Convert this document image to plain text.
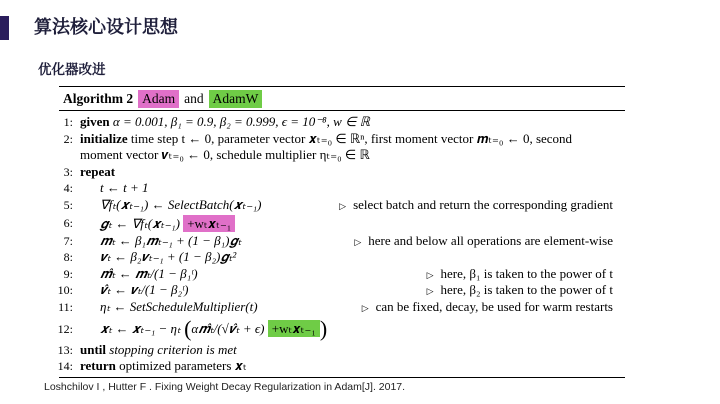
算法核心设计思想
优化器改进
Algorithm 2 Adam and AdamW
1: given α = 0.001, β₁ = 0.9, β₂ = 0.999, ϵ = 10⁻⁸, w ∈ ℝ
2: initialize time step t ← 0, parameter vector 𝒙ₜ₌₀ ∈ ℝⁿ, first moment vector 𝒎ₜ₌₀ ← 0, second
moment vector 𝒗ₜ₌₀ ← 0, schedule multiplier ηₜ₌₀ ∈ ℝ
3: repeat
4: t ← t + 1
5: ∇fₜ(𝒙ₜ₋₁) ← SelectBatch(𝒙ₜ₋₁)	▷ select batch and return the corresponding gradient
6: 𝒈ₜ ← ∇fₜ(𝒙ₜ₋₁) +wₜ𝒙ₜ₋₁
7: 𝒎ₜ ← β₁𝒎ₜ₋₁ + (1 − β₁)𝒈ₜ	▷ here and below all operations are element-wise
8: 𝒗ₜ ← β₂𝒗ₜ₋₁ + (1 − β₂)𝒈ₜ²
9: 𝒎̂ₜ ← 𝒎ₜ/(1 − β₁ᵗ)	▷ here, β₁ is taken to the power of t
10: 𝒗̂ₜ ← 𝒗ₜ/(1 − β₂ᵗ)	▷ here, β₂ is taken to the power of t
11: ηₜ ← SetScheduleMultiplier(t)	▷ can be fixed, decay, be used for warm restarts
12: 𝒙ₜ ← 𝒙ₜ₋₁ − ηₜ (α𝒎̂ₜ/(√𝒗̂ₜ + ϵ) +wₜ𝒙ₜ₋₁ )
13: until stopping criterion is met
14: return optimized parameters 𝒙ₜ
Loshchilov I , Hutter F . Fixing Weight Decay Regularization in Adam[J]. 2017.
